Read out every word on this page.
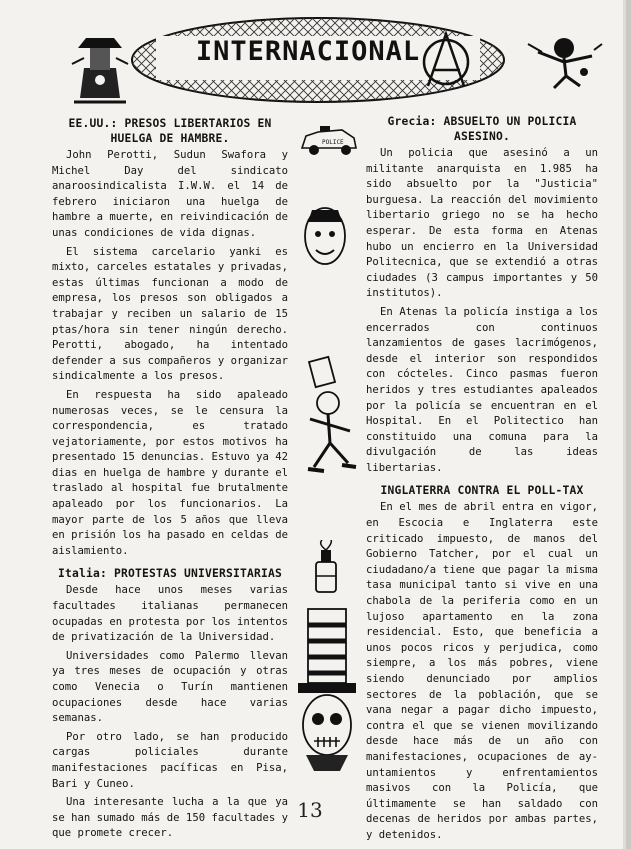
INTERNACIONAL
POLICE
EE.UU.: PRESOS LIBERTARIOS EN HUELGA DE HAMBRE.

John Perotti, Sudun Swafora y Michel Day del sindicato anaroosindicalista I.W.W. el 14 de febrero iniciaron una huelga de hambre a muerte, en reivindicación de unas condiciones de vida dignas.

El sistema carcelario yanki es mixto, carceles estatales y privadas, estas últimas funcionan a modo de empresa, los presos son obligados a trabajar y reciben un salario de 15 ptas/hora sin tener ningún derecho. Perotti, abogado, ha intentado defender a sus compañeros y organizar sindicalmente a los presos.

En respuesta ha sido apaleado numerosas veces, se le censura la correspondencia, es tratado vejatoriamente, por estos motivos ha presentado 15 denuncias. Estuvo ya 42 dias en huelga de hambre y durante el traslado al hospital fue brutalmente apaleado por los funcionarios. La mayor parte de los 5 años que lleva en prisión los ha pasado en celdas de aislamiento.

Italia: PROTESTAS UNIVERSITARIAS

Desde hace unos meses varias facultades italianas permanecen ocupadas en protesta por los intentos de privatización de la Universidad.

Universidades como Palermo llevan ya tres meses de ocupación y otras como Venecia o Turín mantienen ocupaciones desde hace varias semanas.

Por otro lado, se han producido cargas policiales durante manifestaciones pacíficas en Pisa, Bari y Cuneo.

Una interesante lucha a la que ya se han sumado más de 150 facultades y que promete crecer.

Grecia: ABSUELTO UN POLICIA ASESINO.

Un policia que asesinó a un militante anarquista en 1.985 ha sido absuelto por la "Justicia" burguesa. La reacción del movimiento libertario griego no se ha hecho esperar. De esta forma en Atenas hubo un encierro en la Universidad Politecnica, que se extendió a otras ciudades (3 campus importantes y 50 institutos).

En Atenas la policía instiga a los encerrados con continuos lanzamientos de gases lacrimógenos, desde el interior son respondidos con cócteles. Cinco pasmas fueron heridos y tres estudiantes apaleados por la policía se encuentran en el Hospital. En el Politectico han constituido una comuna para la divulgación de las ideas libertarias.

INGLATERRA CONTRA EL POLL-TAX

En el mes de abril entra en vigor, en Escocia e Inglaterra este criticado impuesto, de manos del Gobierno Tatcher, por el cual un ciudadano/a tiene que pagar la misma tasa municipal tanto si vive en una chabola de la periferia como en un lujoso apartamento en la zona residencial. Esto, que beneficia a unos pocos ricos y perjudica, como siempre, a los más pobres, viene siendo denunciado por amplios sectores de la población, que se vana negar a pagar dicho impuesto, contra el que se vienen movilizando desde hace más de un año con manifestaciones, ocupaciones de ay-untamientos y enfrentamientos masivos con la Policía, que últimamente se han saldado con decenas de heridos por ambas partes, y detenidos.

13
